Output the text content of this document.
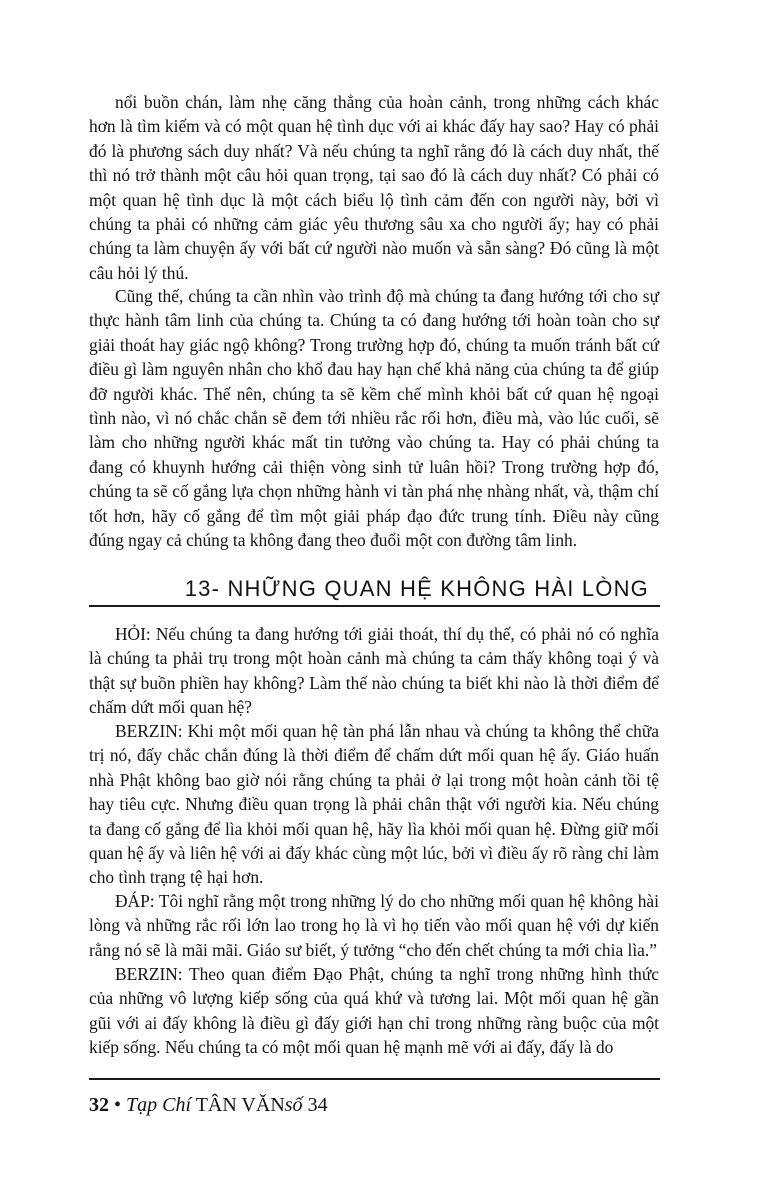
nổi buồn chán, làm nhẹ căng thẳng của hoàn cảnh, trong những cách khác hơn là tìm kiếm và có một quan hệ tình dục với ai khác đấy hay sao? Hay có phải đó là phương sách duy nhất? Và nếu chúng ta nghĩ rằng đó là cách duy nhất, thế thì nó trở thành một câu hỏi quan trọng, tại sao đó là cách duy nhất? Có phải có một quan hệ tình dục là một cách biểu lộ tình cảm đến con người này, bởi vì chúng ta phải có những cảm giác yêu thương sâu xa cho người ấy; hay có phải chúng ta làm chuyện ấy với bất cứ người nào muốn và sẵn sàng? Đó cũng là một câu hỏi lý thú.

Cũng thế, chúng ta cần nhìn vào trình độ mà chúng ta đang hướng tới cho sự thực hành tâm linh của chúng ta. Chúng ta có đang hướng tới hoàn toàn cho sự giải thoát hay giác ngộ không? Trong trường hợp đó, chúng ta muốn tránh bất cứ điều gì làm nguyên nhân cho khổ đau hay hạn chế khả năng của chúng ta để giúp đỡ người khác. Thế nên, chúng ta sẽ kềm chế mình khỏi bất cứ quan hệ ngoại tình nào, vì nó chắc chắn sẽ đem tới nhiều rắc rối hơn, điều mà, vào lúc cuối, sẽ làm cho những người khác mất tin tưởng vào chúng ta. Hay có phải chúng ta đang có khuynh hướng cải thiện vòng sinh tử luân hồi? Trong trường hợp đó, chúng ta sẽ cố gắng lựa chọn những hành vi tàn phá nhẹ nhàng nhất, và, thậm chí tốt hơn, hãy cố gắng để tìm một giải pháp đạo đức trung tính. Điều này cũng đúng ngay cả chúng ta không đang theo đuổi một con đường tâm linh.

13- NHỮNG QUAN HỆ KHÔNG HÀI LÒNG

HỎI: Nếu chúng ta đang hướng tới giải thoát, thí dụ thế, có phải nó có nghĩa là chúng ta phải trụ trong một hoàn cảnh mà chúng ta cảm thấy không toại ý và thật sự buồn phiền hay không? Làm thế nào chúng ta biết khi nào là thời điểm để chấm dứt mối quan hệ?

BERZIN: Khi một mối quan hệ tàn phá lẫn nhau và chúng ta không thể chữa trị nó, đấy chắc chắn đúng là thời điểm để chấm dứt mối quan hệ ấy. Giáo huấn nhà Phật không bao giờ nói rằng chúng ta phải ở lại trong một hoàn cảnh tồi tệ hay tiêu cực. Nhưng điều quan trọng là phải chân thật với người kia. Nếu chúng ta đang cố gắng để lìa khỏi mối quan hệ, hãy lìa khỏi mối quan hệ. Đừng giữ mối quan hệ ấy và liên hệ với ai đấy khác cùng một lúc, bởi vì điều ấy rõ ràng chỉ làm cho tình trạng tệ hại hơn.

ĐÁP: Tôi nghĩ rằng một trong những lý do cho những mối quan hệ không hài lòng và những rắc rối lớn lao trong họ là vì họ tiến vào mối quan hệ với dự kiến rằng nó sẽ là mãi mãi. Giáo sư biết, ý tưởng “cho đến chết chúng ta mới chia lìa.”

BERZIN: Theo quan điểm Đạo Phật, chúng ta nghĩ trong những hình thức của những vô lượng kiếp sống của quá khứ và tương lai. Một mối quan hệ gần gũi với ai đấy không là điều gì đấy giới hạn chỉ trong những ràng buộc của một kiếp sống. Nếu chúng ta có một mối quan hệ mạnh mẽ với ai đấy, đấy là do

32 • Tạp Chí TÂN VĂNsố 34
